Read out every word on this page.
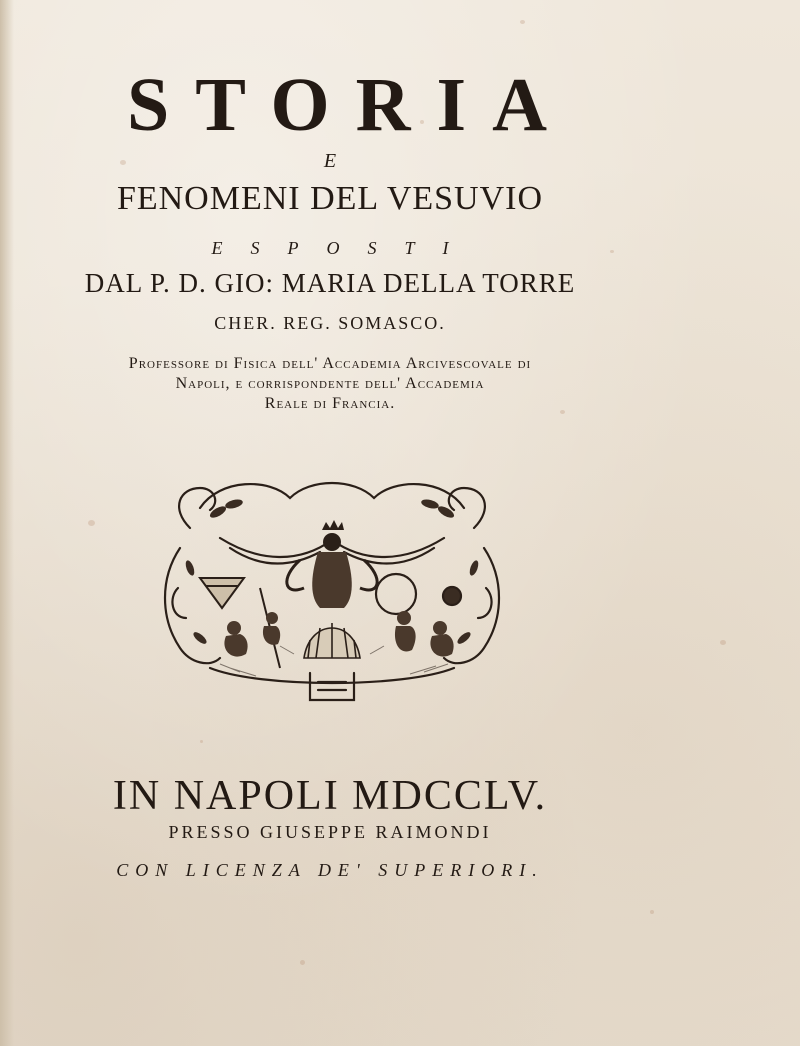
STORIA

E

FENOMENI DEL VESUVIO

ESPOSTI

DAL P. D. GIO: MARIA DELLA TORRE

CHER. REG. SOMASCO.

Professore di Fisica dell' Accademia Arcivescovale di
Napoli, e corrispondente dell' Accademia
Reale di Francia.

IN NAPOLI MDCCLV.

PRESSO GIUSEPPE RAIMONDI

CON LICENZA DE' SUPERIORI.
